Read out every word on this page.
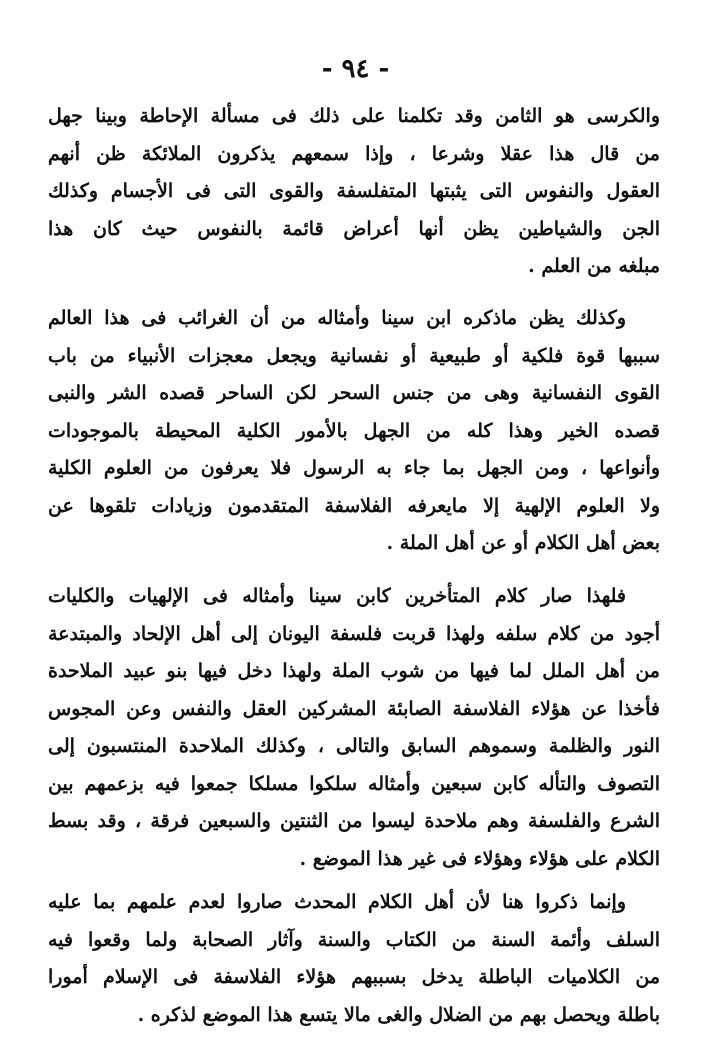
- ٩٤ -
والكرسى هو الثامن وقد تكلمنا على ذلك فى مسألة الإحاطة وبينا جهل
من قال هذا عقلا وشرعا ، وإذا سمعهم يذكرون الملائكة ظن أنهم
العقول والنفوس التى يثبتها المتفلسفة والقوى التى فى الأجسام وكذلك
الجن والشياطين يظن أنها أعراض قائمة بالنفوس حيث كان هذا
مبلغه من العلم .
وكذلك يظن ماذكره ابن سينا وأمثاله من أن الغرائب فى هذا العالم
سببها قوة فلكية أو طبيعية أو نفسانية ويجعل معجزات الأنبياء من باب
القوى النفسانية وهى من جنس السحر لكن الساحر قصده الشر والنبى
قصده الخير وهذا كله من الجهل بالأمور الكلية المحيطة بالموجودات
وأنواعها ، ومن الجهل بما جاء به الرسول فلا يعرفون من العلوم الكلية
ولا العلوم الإلهية إلا مايعرفه الفلاسفة المتقدمون وزيادات تلقوها عن
بعض أهل الكلام أو عن أهل الملة .
فلهذا صار كلام المتأخرين كابن سينا وأمثاله فى الإلهيات والكليات
أجود من كلام سلفه ولهذا قربت فلسفة اليونان إلى أهل الإلحاد والمبتدعة
من أهل الملل لما فيها من شوب الملة ولهذا دخل فيها بنو عبيد الملاحدة
فأخذا عن هؤلاء الفلاسفة الصابئة المشركين العقل والنفس وعن المجوس
النور والظلمة وسموهم السابق والتالى ، وكذلك الملاحدة المنتسبون إلى
التصوف والتأله كابن سبعين وأمثاله سلكوا مسلكا جمعوا فيه بزعمهم بين
الشرع والفلسفة وهم ملاحدة ليسوا من الثنتين والسبعين فرقة ، وقد بسط
الكلام على هؤلاء وهؤلاء فى غير هذا الموضع .
وإنما ذكروا هنا لأن أهل الكلام المحدث صاروا لعدم علمهم بما عليه
السلف وأئمة السنة من الكتاب والسنة وآثار الصحابة ولما وقعوا فيه
من الكلاميات الباطلة يدخل بسببهم هؤلاء الفلاسفة فى الإسلام أمورا
باطلة ويحصل بهم من الضلال والغى مالا يتسع هذا الموضع لذكره .
